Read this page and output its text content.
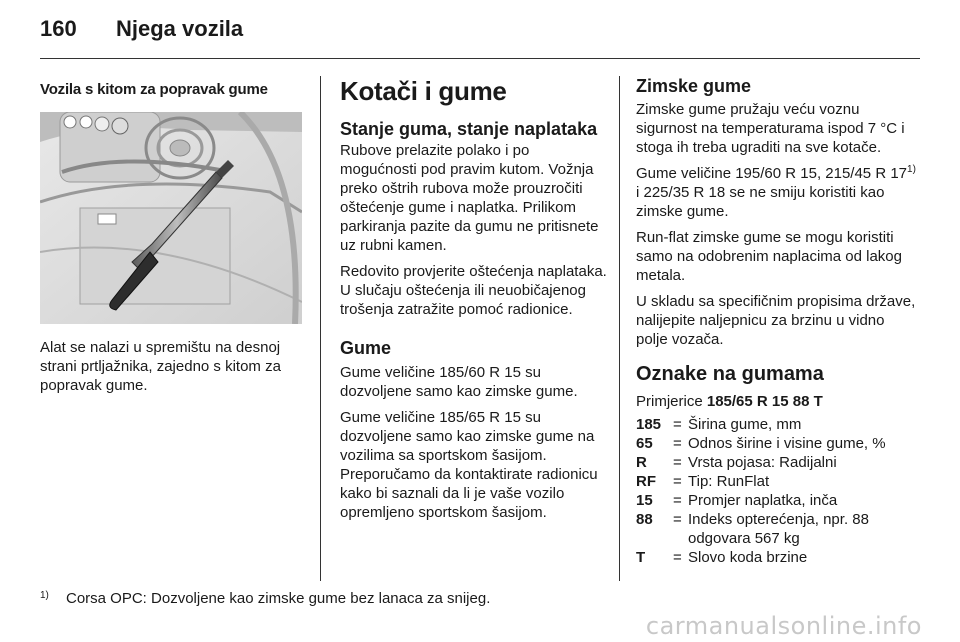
160	Njega vozila
Vozila s kitom za popravak gume
Alat se nalazi u spremištu na desnoj strani prtljažnika, zajedno s kitom za popravak gume.
Kotači i gume
Stanje guma, stanje naplataka

Rubove prelazite polako i po mogućnosti pod pravim kutom. Vožnja preko oštrih rubova može prouzročiti oštećenje gume i naplatka. Prilikom parkiranja pazite da gumu ne pritisnete uz rubni kamen.

Redovito provjerite oštećenja naplataka. U slučaju oštećenja ili neuobičajenog trošenja zatražite pomoć radionice.

Gume

Gume veličine 185/60 R 15 su dozvoljene samo kao zimske gume.

Gume veličine 185/65 R 15 su dozvoljene samo kao zimske gume na vozilima sa sportskom šasijom. Preporučamo da kontaktirate radionicu kako bi saznali da li je vaše vozilo opremljeno sportskom šasijom.

Zimske gume

Zimske gume pružaju veću voznu sigurnost na temperaturama ispod 7 °C i stoga ih treba ugraditi na sve kotače.

Gume veličine 195/60 R 15, 215/45 R 17$^{1)}$ i 225/35 R 18 se ne smiju koristiti kao zimske gume.

Run-flat zimske gume se mogu koristiti samo na odobrenim naplacima od lakog metala.

U skladu sa specifičnim propisima države, nalijepite naljepnicu za brzinu u vidno polje vozača.

Oznake na gumama
Primjerice 185/65 R 15 88 T
185	=	Širina gume, mm
65	=	Odnos širine i visine gume, %
R	=	Vrsta pojasa: Radijalni
RF	=	Tip: RunFlat
15	=	Promjer naplatka, inča
88	=	Indeks opterećenja, npr. 88 odgovara 567 kg
T	=	Slovo koda brzine
1)	Corsa OPC: Dozvoljene kao zimske gume bez lanaca za snijeg.
carmanualsonline.info
